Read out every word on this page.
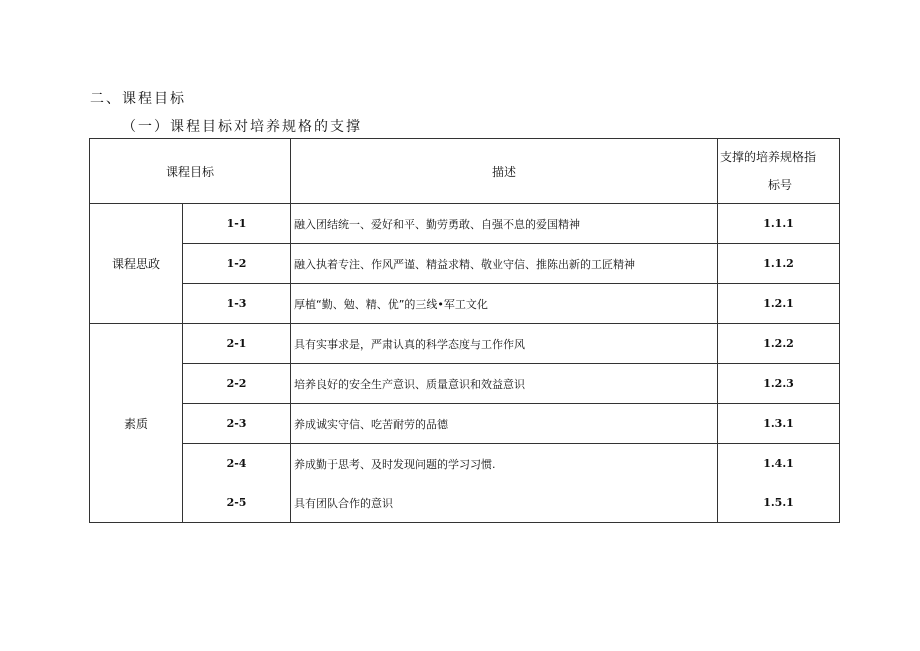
二、课程目标
（一）课程目标对培养规格的支撑
课程目标		描述	支撑的培养规格指
标号

课程思政	1-1	融入团结统一、爱好和平、勤劳勇敢、自强不息的爱国精神	1.1.1
	1-2	融入执着专注、作风严谨、精益求精、敬业守信、推陈出新的工匠精神	1.1.2
	1-3	厚植“勤、勉、精、优”的三线•军工文化	1.2.1
素质	2-1	具有实事求是，严肃认真的科学态度与工作作风	1.2.2
	2-2	培养良好的安全生产意识、质量意识和效益意识	1.2.3
	2-3	养成诚实守信、吃苦耐劳的品德	1.3.1
	2-4	养成勤于思考、及时发现问题的学习习惯.	1.4.1
	2-5	具有团队合作的意识	1.5.1
